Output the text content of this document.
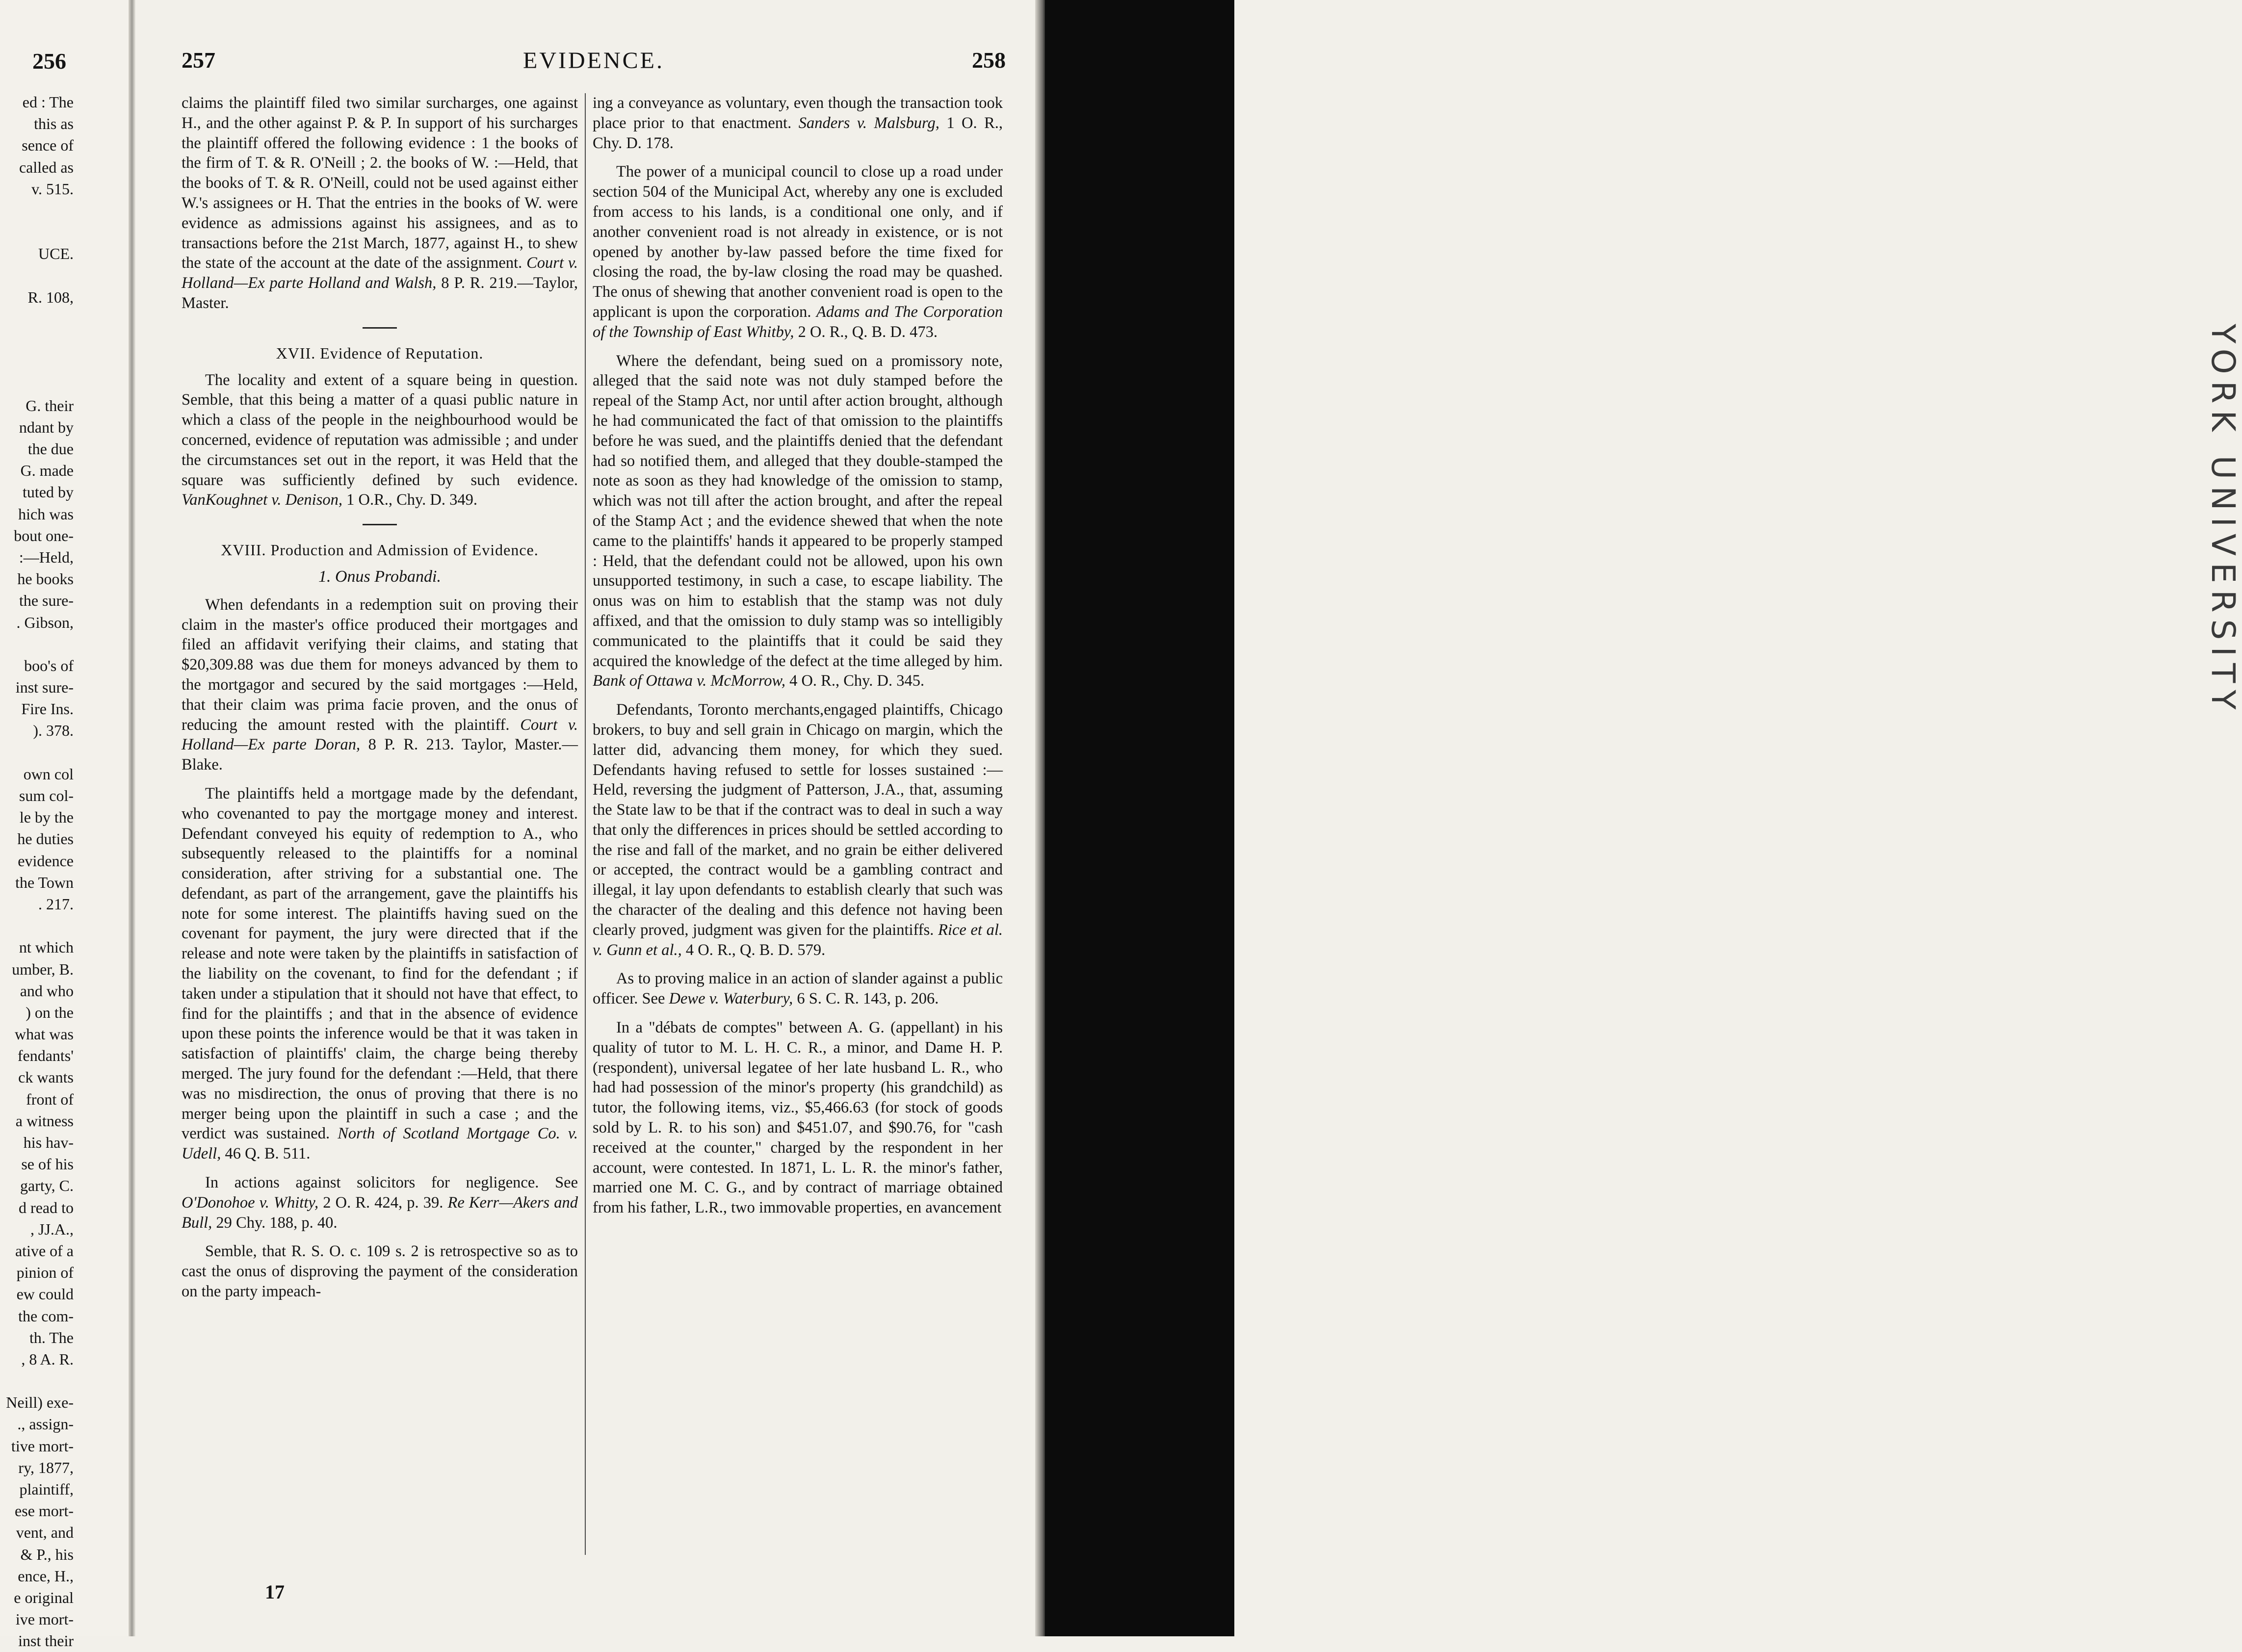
256
ed : The
this as
sence of
called as
v. 515.
UCE.
R. 108,
G. their
ndant by
the due
G. made
tuted by
hich was
bout one-
:—Held,
he books
the sure-
. Gibson,
boo's of
inst sure-
Fire Ins.
). 378.
own col
sum col-
le by the
he duties
evidence
the Town
. 217.
nt which
umber, B.
and who
) on the
what was
fendants'
ck wants
front of
a witness
his hav-
se of his
garty, C.
d read to
, JJ.A.,
ative of a
pinion of
ew could
the com-
th. The
, 8 A. R.
Neill) exe-
., assign-
tive mort-
ry, 1877,
plaintiff,
ese mort-
vent, and
& P., his
ence, H.,
e original
ive mort-
inst their
YORK UNIVERSITY
257	EVIDENCE.	258

claims the plaintiff filed two similar surcharges, one against H., and the other against P. & P. In support of his surcharges the plaintiff offered the following evidence : 1 the books of the firm of T. & R. O'Neill ; 2. the books of W. :—Held, that the books of T. & R. O'Neill, could not be used against either W.'s assignees or H. That the entries in the books of W. were evidence as admissions against his assignees, and as to transactions before the 21st March, 1877, against H., to shew the state of the account at the date of the assignment. Court v. Holland—Ex parte Holland and Walsh, 8 P. R. 219.—Taylor, Master.

XVII. Evidence of Reputation.

The locality and extent of a square being in question. Semble, that this being a matter of a quasi public nature in which a class of the people in the neighbourhood would be concerned, evidence of reputation was admissible ; and under the circumstances set out in the report, it was Held that the square was sufficiently defined by such evidence. VanKoughnet v. Denison, 1 O.R., Chy. D. 349.

XVIII. Production and Admission of Evidence.
1. Onus Probandi.

When defendants in a redemption suit on proving their claim in the master's office produced their mortgages and filed an affidavit verifying their claims, and stating that $20,309.88 was due them for moneys advanced by them to the mortgagor and secured by the said mortgages :—Held, that their claim was prima facie proven, and the onus of reducing the amount rested with the plaintiff. Court v. Holland—Ex parte Doran, 8 P. R. 213. Taylor, Master.—Blake.

The plaintiffs held a mortgage made by the defendant, who covenanted to pay the mortgage money and interest. Defendant conveyed his equity of redemption to A., who subsequently released to the plaintiffs for a nominal consideration, after striving for a substantial one. The defendant, as part of the arrangement, gave the plaintiffs his note for some interest. The plaintiffs having sued on the covenant for payment, the jury were directed that if the release and note were taken by the plaintiffs in satisfaction of the liability on the covenant, to find for the defendant ; if taken under a stipulation that it should not have that effect, to find for the plaintiffs ; and that in the absence of evidence upon these points the inference would be that it was taken in satisfaction of plaintiffs' claim, the charge being thereby merged. The jury found for the defendant :—Held, that there was no misdirection, the onus of proving that there is no merger being upon the plaintiff in such a case ; and the verdict was sustained. North of Scotland Mortgage Co. v. Udell, 46 Q. B. 511.

In actions against solicitors for negligence. See O'Donohoe v. Whitty, 2 O. R. 424, p. 39. Re Kerr—Akers and Bull, 29 Chy. 188, p. 40.

Semble, that R. S. O. c. 109 s. 2 is retrospective so as to cast the onus of disproving the payment of the consideration on the party impeach-

ing a conveyance as voluntary, even though the transaction took place prior to that enactment. Sanders v. Malsburg, 1 O. R., Chy. D. 178.

The power of a municipal council to close up a road under section 504 of the Municipal Act, whereby any one is excluded from access to his lands, is a conditional one only, and if another convenient road is not already in existence, or is not opened by another by-law passed before the time fixed for closing the road, the by-law closing the road may be quashed. The onus of shewing that another convenient road is open to the applicant is upon the corporation. Adams and The Corporation of the Township of East Whitby, 2 O. R., Q. B. D. 473.

Where the defendant, being sued on a promissory note, alleged that the said note was not duly stamped before the repeal of the Stamp Act, nor until after action brought, although he had communicated the fact of that omission to the plaintiffs before he was sued, and the plaintiffs denied that the defendant had so notified them, and alleged that they double-stamped the note as soon as they had knowledge of the omission to stamp, which was not till after the action brought, and after the repeal of the Stamp Act ; and the evidence shewed that when the note came to the plaintiffs' hands it appeared to be properly stamped : Held, that the defendant could not be allowed, upon his own unsupported testimony, in such a case, to escape liability. The onus was on him to establish that the stamp was not duly affixed, and that the omission to duly stamp was so intelligibly communicated to the plaintiffs that it could be said they acquired the knowledge of the defect at the time alleged by him. Bank of Ottawa v. McMorrow, 4 O. R., Chy. D. 345.

Defendants, Toronto merchants,engaged plaintiffs, Chicago brokers, to buy and sell grain in Chicago on margin, which the latter did, advancing them money, for which they sued. Defendants having refused to settle for losses sustained :—Held, reversing the judgment of Patterson, J.A., that, assuming the State law to be that if the contract was to deal in such a way that only the differences in prices should be settled according to the rise and fall of the market, and no grain be either delivered or accepted, the contract would be a gambling contract and illegal, it lay upon defendants to establish clearly that such was the character of the dealing and this defence not having been clearly proved, judgment was given for the plaintiffs. Rice et al. v. Gunn et al., 4 O. R., Q. B. D. 579.

As to proving malice in an action of slander against a public officer. See Dewe v. Waterbury, 6 S. C. R. 143, p. 206.

In a "débats de comptes" between A. G. (appellant) in his quality of tutor to M. L. H. C. R., a minor, and Dame H. P. (respondent), universal legatee of her late husband L. R., who had had possession of the minor's property (his grandchild) as tutor, the following items, viz., $5,466.63 (for stock of goods sold by L. R. to his son) and $451.07, and $90.76, for "cash received at the counter," charged by the respondent in her account, were contested. In 1871, L. L. R. the minor's father, married one M. C. G., and by contract of marriage obtained from his father, L.R., two immovable properties, en avancement

17
